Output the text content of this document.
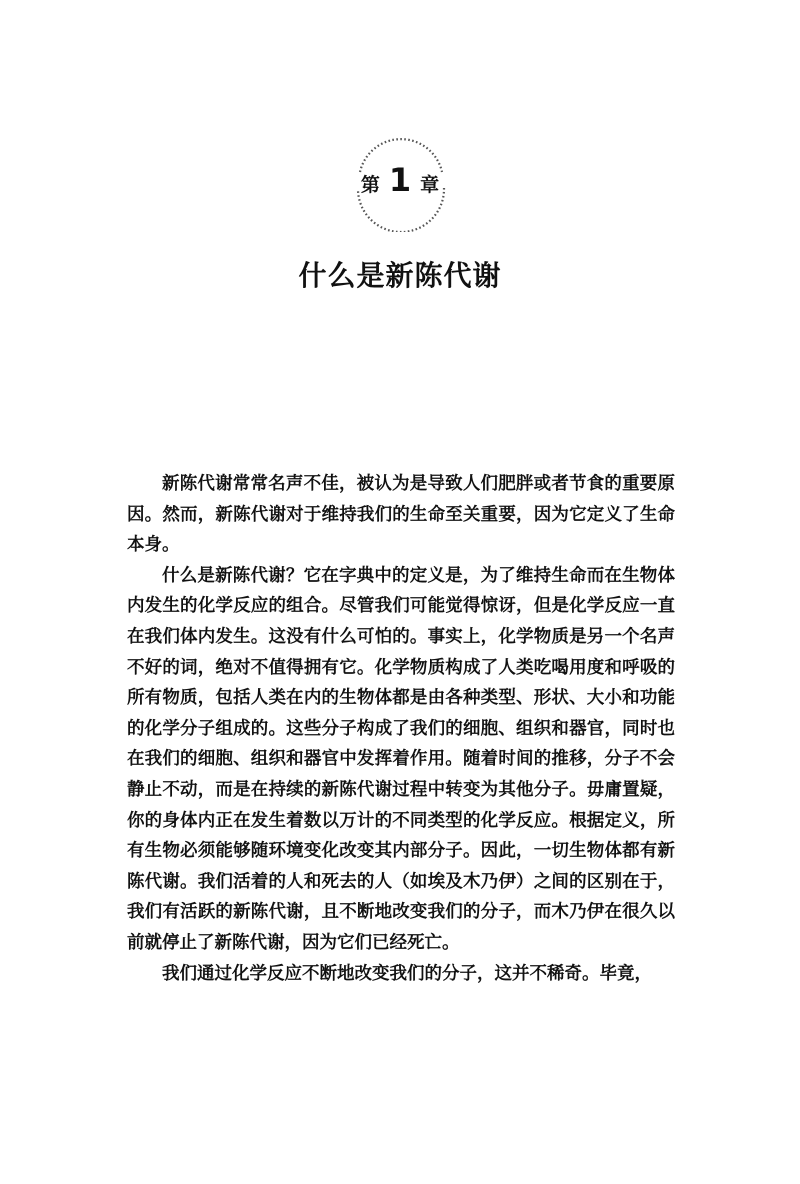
第 1 章
什么是新陈代谢

新陈代谢常常名声不佳，被认为是导致人们肥胖或者节食的重要原因。然而，新陈代谢对于维持我们的生命至关重要，因为它定义了生命本身。

什么是新陈代谢？它在字典中的定义是，为了维持生命而在生物体内发生的化学反应的组合。尽管我们可能觉得惊讶，但是化学反应一直在我们体内发生。这没有什么可怕的。事实上，化学物质是另一个名声不好的词，绝对不值得拥有它。化学物质构成了人类吃喝用度和呼吸的所有物质，包括人类在内的生物体都是由各种类型、形状、大小和功能的化学分子组成的。这些分子构成了我们的细胞、组织和器官，同时也在我们的细胞、组织和器官中发挥着作用。随着时间的推移，分子不会静止不动，而是在持续的新陈代谢过程中转变为其他分子。毋庸置疑，你的身体内正在发生着数以万计的不同类型的化学反应。根据定义，所有生物必须能够随环境变化改变其内部分子。因此，一切生物体都有新陈代谢。我们活着的人和死去的人（如埃及木乃伊）之间的区别在于，我们有活跃的新陈代谢，且不断地改变我们的分子，而木乃伊在很久以前就停止了新陈代谢，因为它们已经死亡。

我们通过化学反应不断地改变我们的分子，这并不稀奇。毕竟，
